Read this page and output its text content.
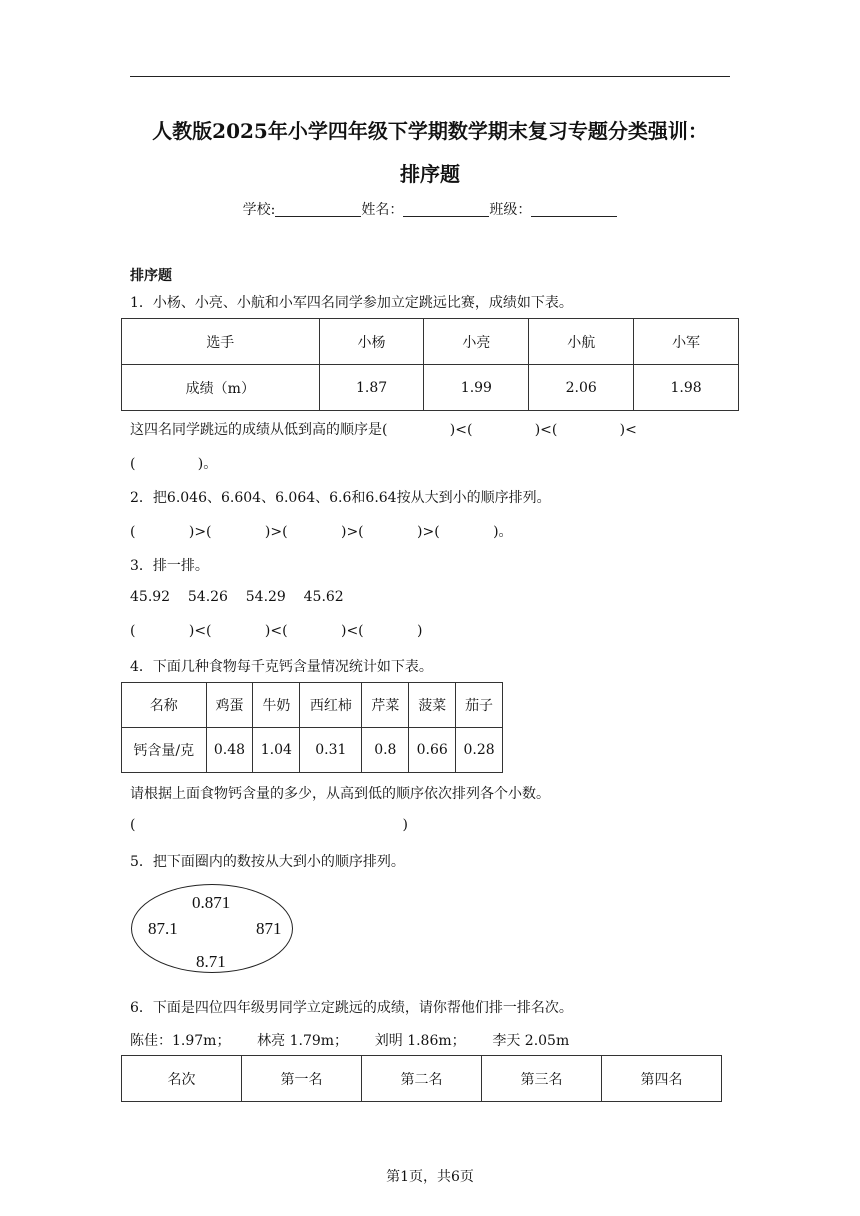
人教版2025年小学四年级下学期数学期末复习专题分类强训：
排序题
学校:	姓名：	班级：
排序题
1．小杨、小亮、小航和小军四名同学参加立定跳远比赛，成绩如下表。
选手	小杨	小亮	小航	小军
成绩（m）	1.87	1.99	2.06	1.98
这四名同学跳远的成绩从低到高的顺序是(              )<(              )<(              )<
(              )。
2．把6.046、6.604、6.064、6.6和6.64按从大到小的顺序排列。
(            )>(            )>(            )>(            )>(            )。
3．排一排。
45.92    54.26    54.29    45.62
(            )<(            )<(            )<(            )
4．下面几种食物每千克钙含量情况统计如下表。
名称	鸡蛋	牛奶	西红柿	芹菜	菠菜	茄子
钙含量/克	0.48	1.04	0.31	0.8	0.66	0.28
请根据上面食物钙含量的多少，从高到低的顺序依次排列各个小数。
(                                                            )
5．把下面圈内的数按从大到小的顺序排列。
0.871
87.1	871
8.71
6．下面是四位四年级男同学立定跳远的成绩，请你帮他们排一排名次。
陈佳：1.97m；      林亮 1.79m；      刘明 1.86m；      李天 2.05m
名次	第一名	第二名	第三名	第四名
第1页，共6页
